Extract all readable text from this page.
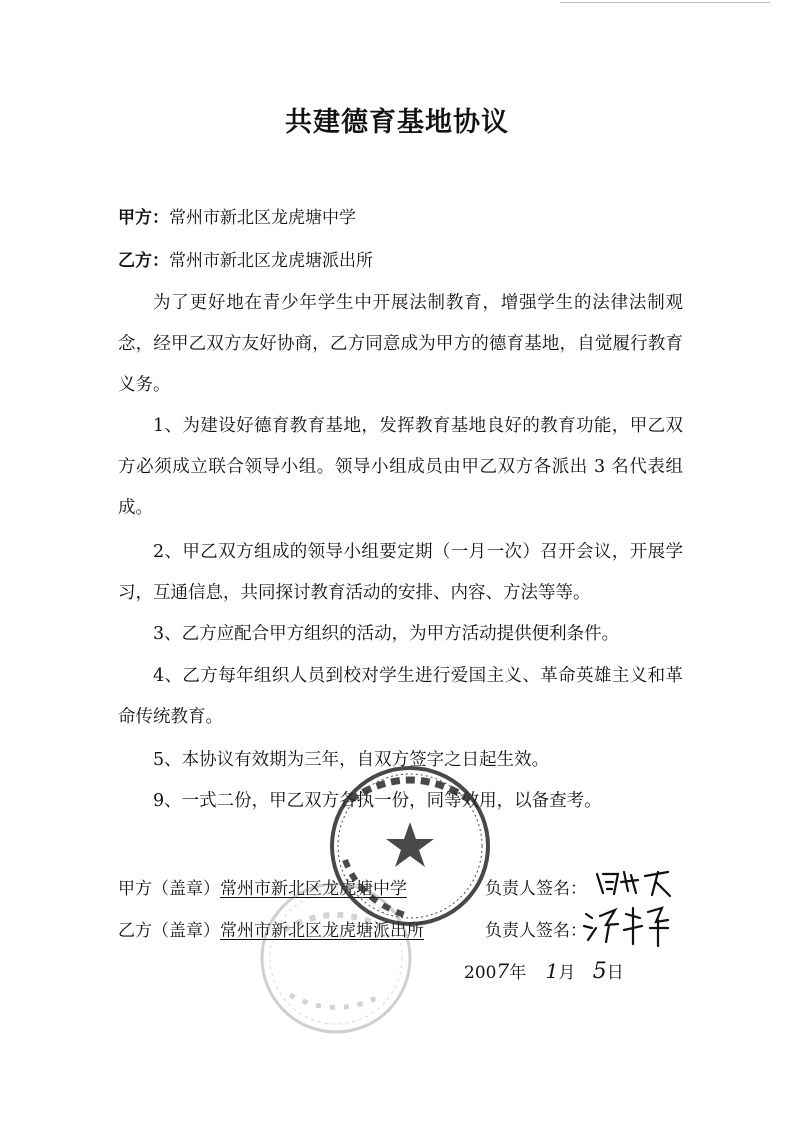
共建德育基地协议
甲方：常州市新北区龙虎塘中学
乙方：常州市新北区龙虎塘派出所
为了更好地在青少年学生中开展法制教育，增强学生的法律法制观念，经甲乙双方友好协商，乙方同意成为甲方的德育基地，自觉履行教育义务。
1、为建设好德育教育基地，发挥教育基地良好的教育功能，甲乙双方必须成立联合领导小组。领导小组成员由甲乙双方各派出 3 名代表组成。
2、甲乙双方组成的领导小组要定期（一月一次）召开会议，开展学习，互通信息，共同探讨教育活动的安排、内容、方法等等。
3、乙方应配合甲方组织的活动，为甲方活动提供便利条件。
4、乙方每年组织人员到校对学生进行爱国主义、革命英雄主义和革命传统教育。
5、本协议有效期为三年，自双方签字之日起生效。
9、一式二份，甲乙双方各执一份，同等效用，以备查考。
甲方（盖章）常州市新北区龙虎塘中学	负责人签名：
乙方（盖章）常州市新北区龙虎塘派出所	负责人签名：
2007年 1月 5日
